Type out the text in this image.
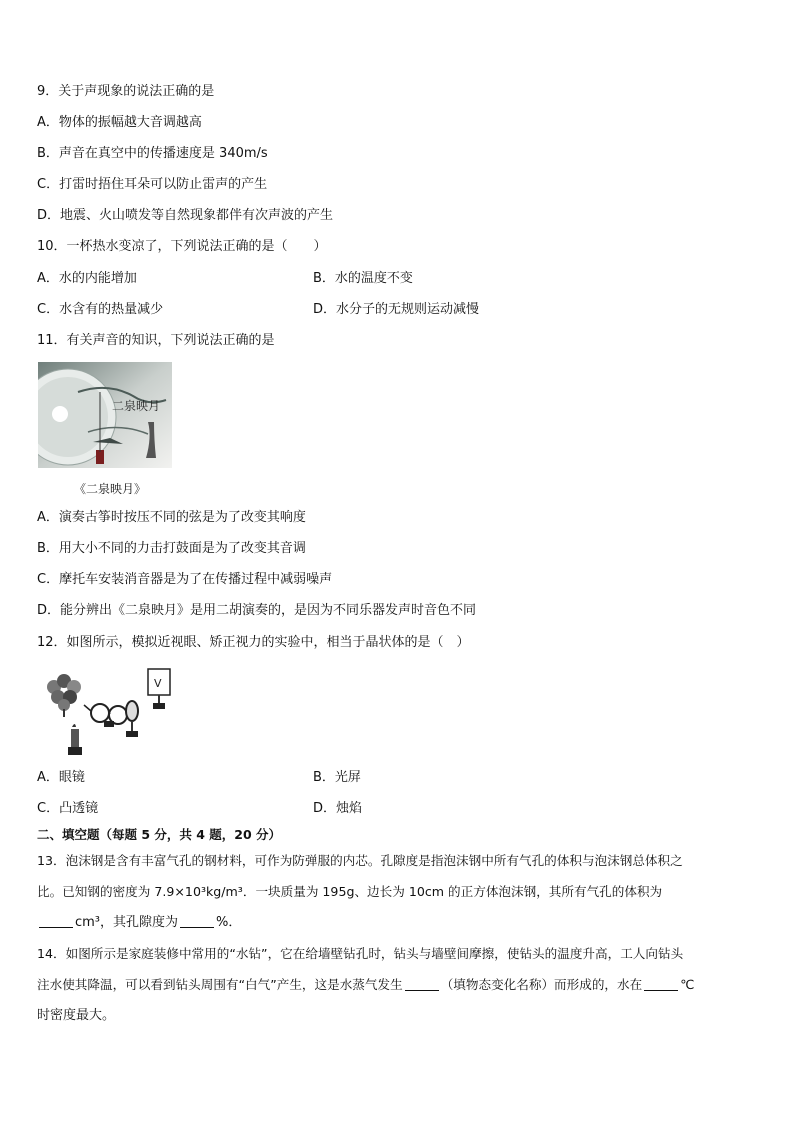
9．关于声现象的说法正确的是
A．物体的振幅越大音调越高
B．声音在真空中的传播速度是 340m/s
C．打雷时捂住耳朵可以防止雷声的产生
D．地震、火山喷发等自然现象都伴有次声波的产生
10．一杯热水变凉了，下列说法正确的是（　　）
A．水的内能增加	B．水的温度不变
C．水含有的热量减少	D．水分子的无规则运动减慢
11．有关声音的知识，下列说法正确的是
二泉映月
《二泉映月》
A．演奏古筝时按压不同的弦是为了改变其响度
B．用大小不同的力击打鼓面是为了改变其音调
C．摩托车安装消音器是为了在传播过程中减弱噪声
D．能分辨出《二泉映月》是用二胡演奏的，是因为不同乐器发声时音色不同
12．如图所示，模拟近视眼、矫正视力的实验中，相当于晶状体的是（　）
V
A．眼镜	B．光屏
C．凸透镜	D．烛焰
二、填空题（每题 5 分，共 4 题，20 分）
13．泡沫钢是含有丰富气孔的钢材料，可作为防弹服的内芯。孔隙度是指泡沫钢中所有气孔的体积与泡沫钢总体积之
比。已知钢的密度为 7.9×10³kg/m³．一块质量为 195g、边长为 10cm 的正方体泡沫钢，其所有气孔的体积为
cm³，其孔隙度为	%．
14．如图所示是家庭装修中常用的“水钻”，它在给墙壁钻孔时，钻头与墙壁间摩擦，使钻头的温度升高，工人向钻头
注水使其降温，可以看到钻头周围有“白气”产生，这是水蒸气发生	（填物态变化名称）而形成的，水在	℃
时密度最大。
